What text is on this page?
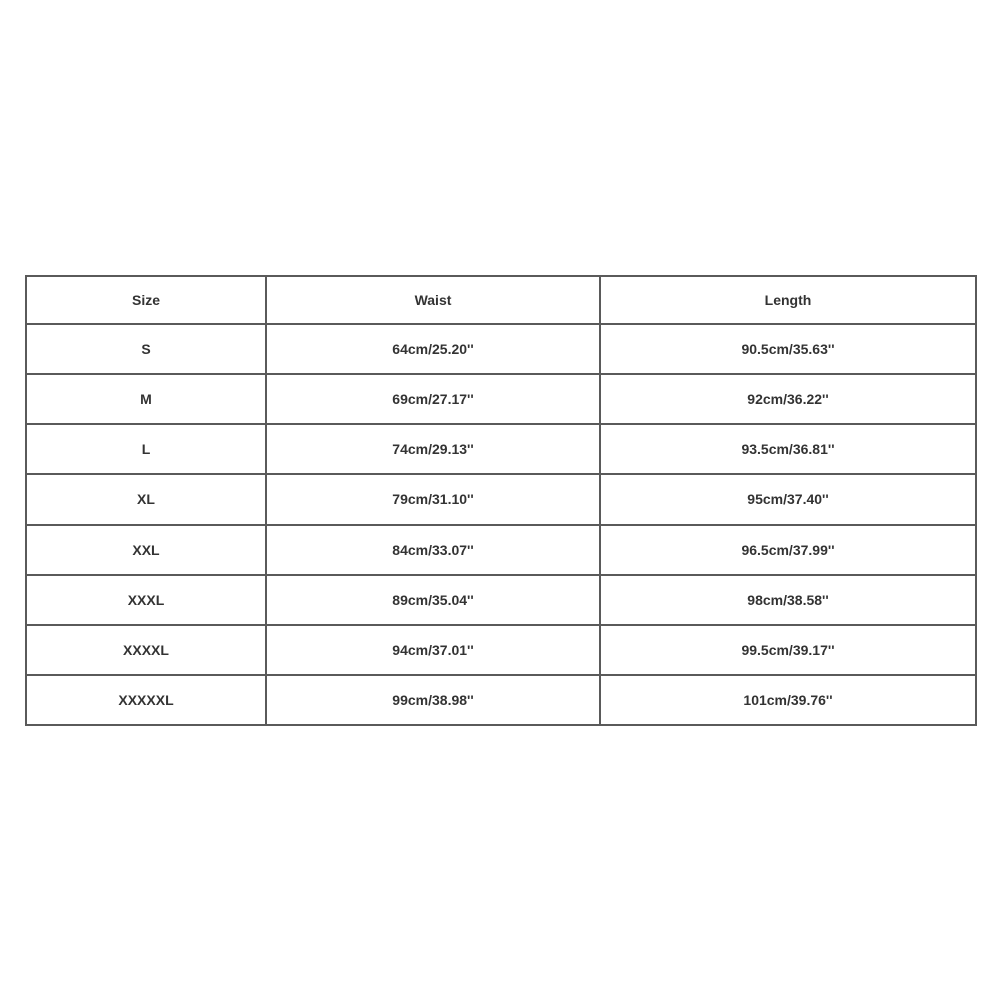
Size	Waist	Length
S	64cm/25.20''	90.5cm/35.63''
M	69cm/27.17''	92cm/36.22''
L	74cm/29.13''	93.5cm/36.81''
XL	79cm/31.10''	95cm/37.40''
XXL	84cm/33.07''	96.5cm/37.99''
XXXL	89cm/35.04''	98cm/38.58''
XXXXL	94cm/37.01''	99.5cm/39.17''
XXXXXL	99cm/38.98''	101cm/39.76''
